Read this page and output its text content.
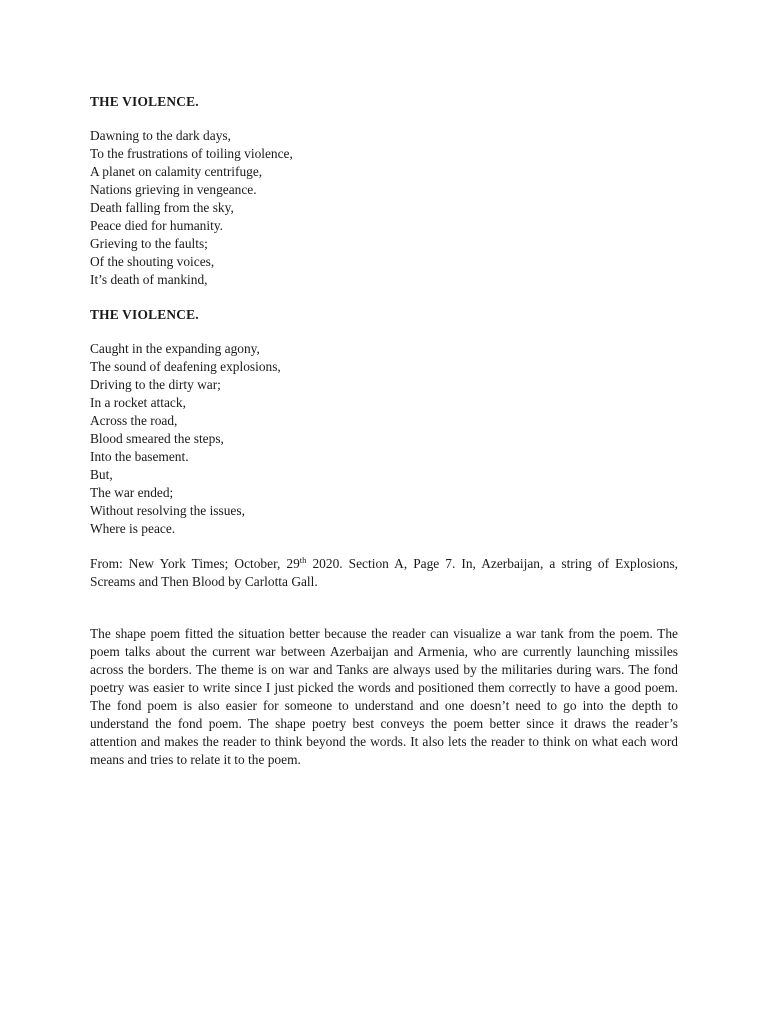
THE VIOLENCE.

Dawning to the dark days,
To the frustrations of toiling violence,
A planet on calamity centrifuge,
Nations grieving in vengeance.
Death falling from the sky,
Peace died for humanity.
Grieving to the faults;
Of the shouting voices,
It’s death of mankind,

THE VIOLENCE.

Caught in the expanding agony,
The sound of deafening explosions,
Driving to the dirty war;
In a rocket attack,
Across the road,
Blood smeared the steps,
Into the basement.
But,
The war ended;
Without resolving the issues,
Where is peace.

From: New York Times; October, 29th 2020. Section A, Page 7. In, Azerbaijan, a string of Explosions, Screams and Then Blood by Carlotta Gall.

The shape poem fitted the situation better because the reader can visualize a war tank from the poem. The poem talks about the current war between Azerbaijan and Armenia, who are currently launching missiles across the borders. The theme is on war and Tanks are always used by the militaries during wars. The fond poetry was easier to write since I just picked the words and positioned them correctly to have a good poem. The fond poem is also easier for someone to understand and one doesn’t need to go into the depth to understand the fond poem. The shape poetry best conveys the poem better since it draws the reader’s attention and makes the reader to think beyond the words. It also lets the reader to think on what each word means and tries to relate it to the poem.
